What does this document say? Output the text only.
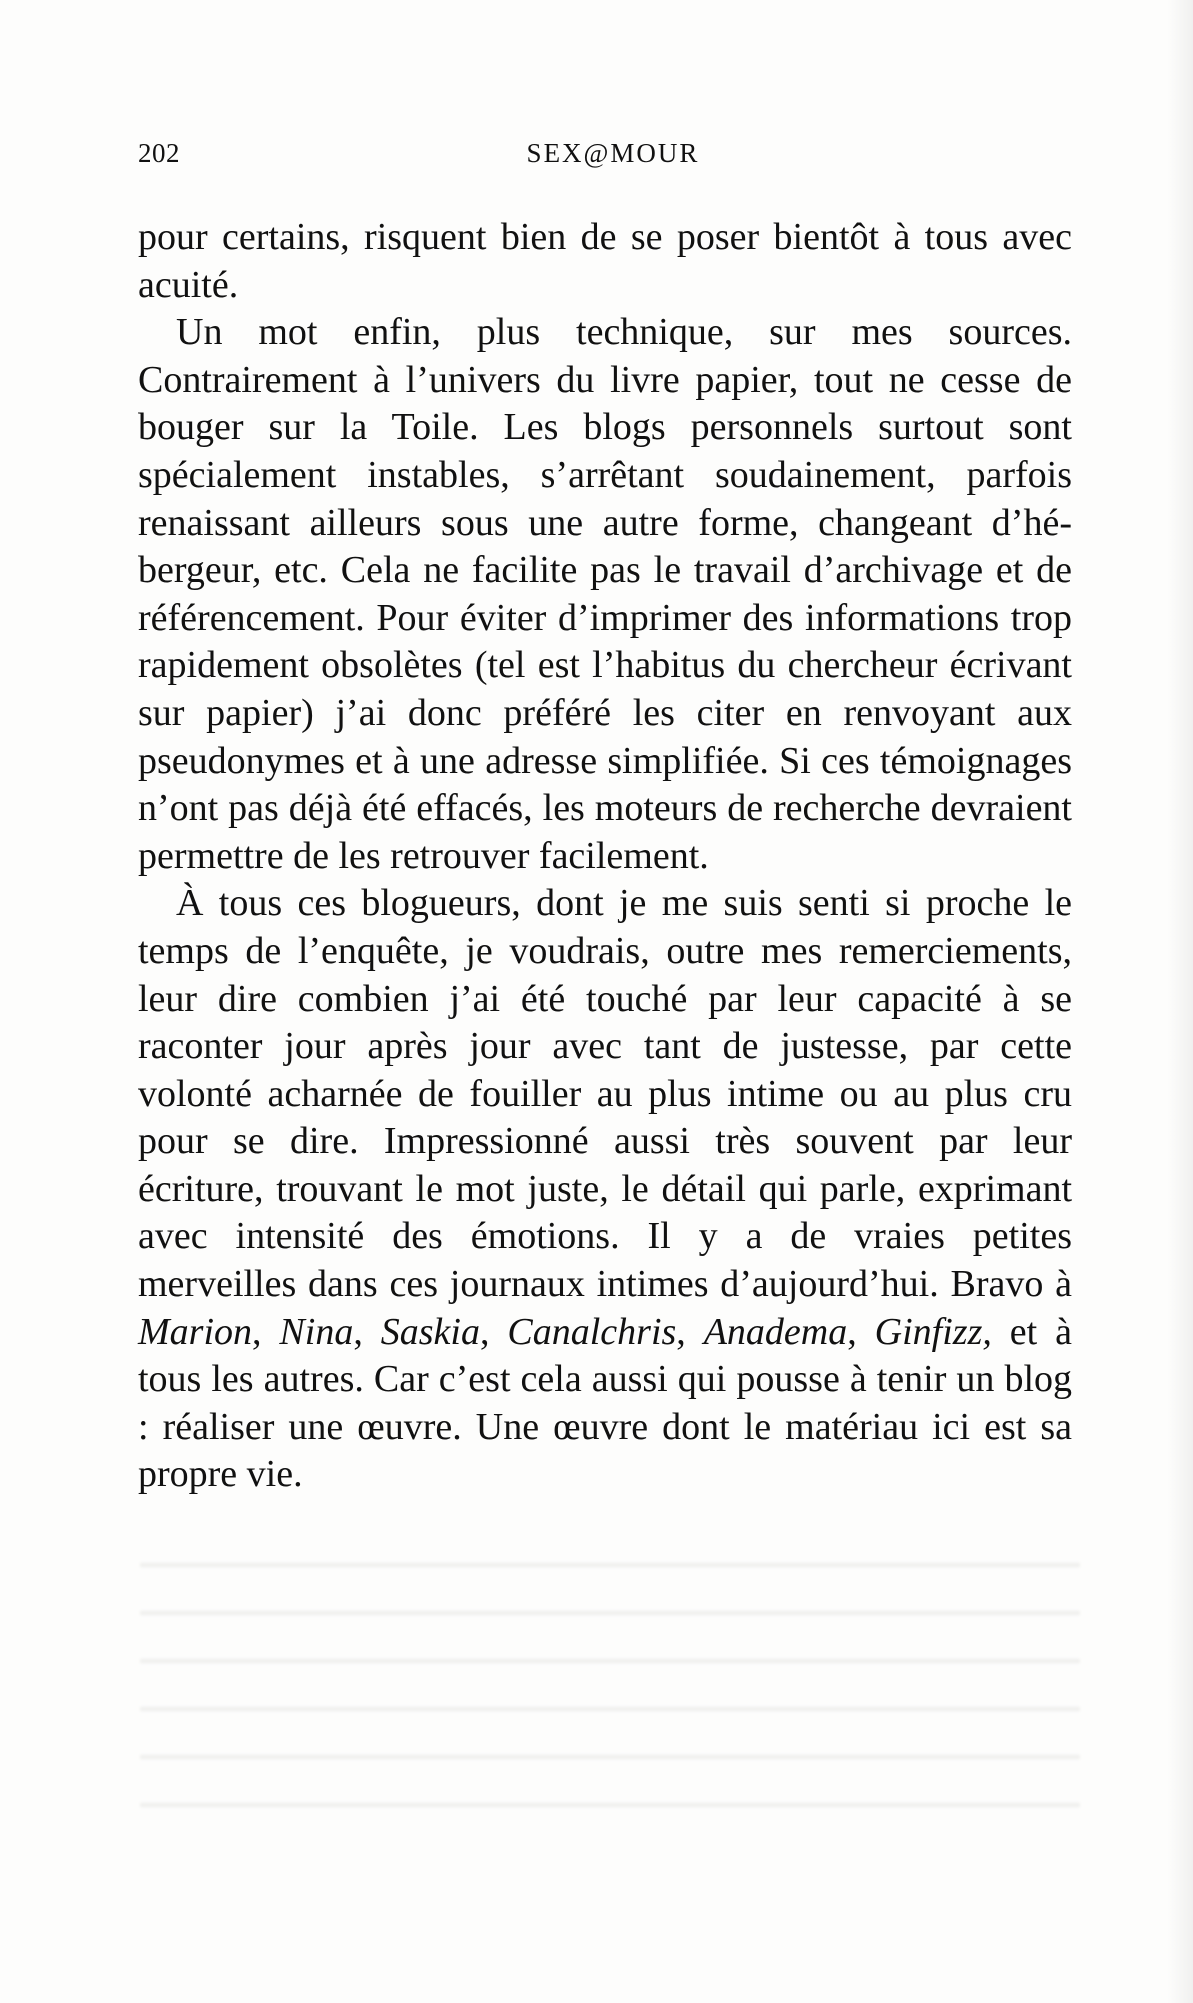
202	SEX@MOUR

pour certains, risquent bien de se poser bientôt à tous avec acuité.

Un mot enfin, plus technique, sur mes sources. Contrairement à l’univers du livre papier, tout ne cesse de bouger sur la Toile. Les blogs personnels surtout sont spécialement instables, s’arrêtant soudainement, parfois renaissant ailleurs sous une autre forme, changeant d’hébergeur, etc. Cela ne facilite pas le travail d’archivage et de référencement. Pour éviter d’imprimer des informations trop rapidement obsolètes (tel est l’habitus du chercheur écrivant sur papier) j’ai donc préféré les citer en renvoyant aux pseudonymes et à une adresse simplifiée. Si ces témoignages n’ont pas déjà été effacés, les moteurs de recherche devraient permettre de les retrouver facilement.

À tous ces blogueurs, dont je me suis senti si proche le temps de l’enquête, je voudrais, outre mes remerciements, leur dire combien j’ai été touché par leur capacité à se raconter jour après jour avec tant de justesse, par cette volonté acharnée de fouiller au plus intime ou au plus cru pour se dire. Impressionné aussi très souvent par leur écriture, trouvant le mot juste, le détail qui parle, exprimant avec intensité des émotions. Il y a de vraies petites merveilles dans ces journaux intimes d’aujourd’hui. Bravo à Marion, Nina, Saskia, Canalchris, Anadema, Ginfizz, et à tous les autres. Car c’est cela aussi qui pousse à tenir un blog : réaliser une œuvre. Une œuvre dont le matériau ici est sa propre vie.
